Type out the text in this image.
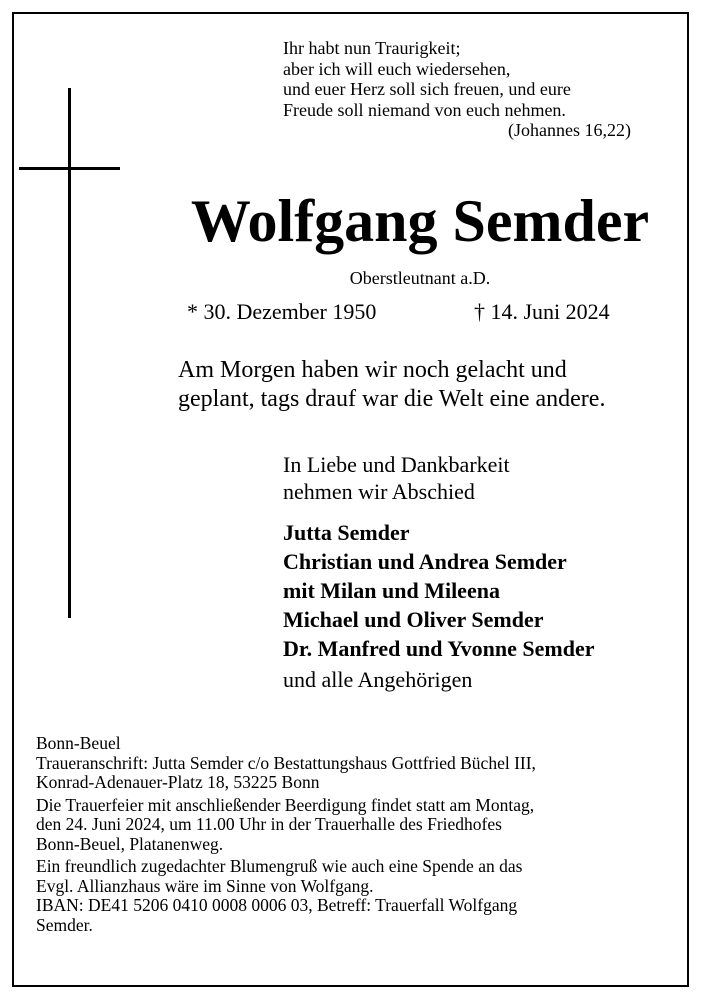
Ihr habt nun Traurigkeit;
aber ich will euch wiedersehen,
und euer Herz soll sich freuen, und eure
Freude soll niemand von euch nehmen.
(Johannes 16,22)
Wolfgang Semder
Oberstleutnant a.D.
* 30. Dezember 1950	† 14. Juni 2024
Am Morgen haben wir noch gelacht und
geplant, tags drauf war die Welt eine andere.
In Liebe und Dankbarkeit
nehmen wir Abschied
Jutta Semder
Christian und Andrea Semder
mit Milan und Mileena
Michael und Oliver Semder
Dr. Manfred und Yvonne Semder
und alle Angehörigen
Bonn-Beuel
Traueranschrift: Jutta Semder c/o Bestattungshaus Gottfried Büchel III,
Konrad-Adenauer-Platz 18, 53225 Bonn
Die Trauerfeier mit anschließender Beerdigung findet statt am Montag,
den 24. Juni 2024, um 11.00 Uhr in der Trauerhalle des Friedhofes
Bonn-Beuel, Platanenweg.
Ein freundlich zugedachter Blumengruß wie auch eine Spende an das
Evgl. Allianzhaus wäre im Sinne von Wolfgang.
IBAN: DE41 5206 0410 0008 0006 03, Betreff: Trauerfall Wolfgang
Semder.
